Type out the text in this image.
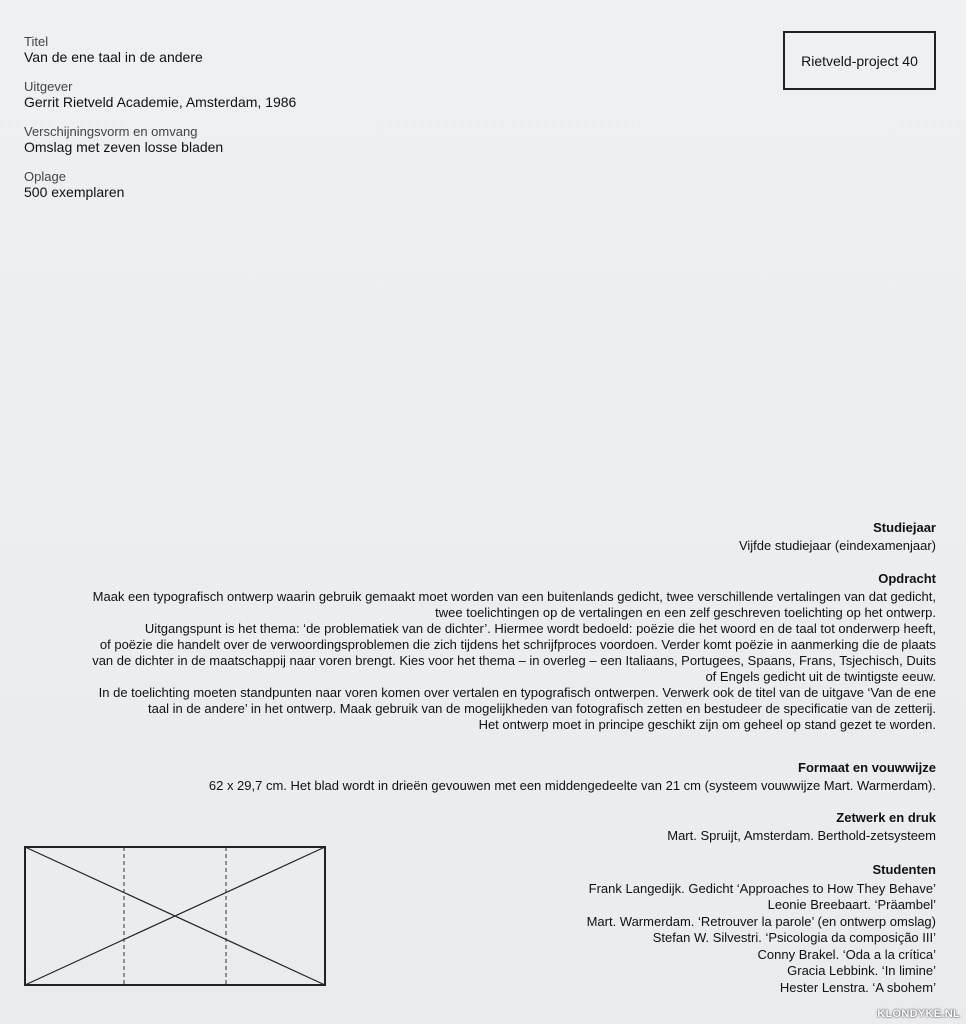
Titel
Van de ene taal in de andere
Uitgever
Gerrit Rietveld Academie, Amsterdam, 1986
Verschijningsvorm en omvang
Omslag met zeven losse bladen
Oplage
500 exemplaren
Rietveld-project 40
Studiejaar
Vijfde studiejaar (eindexamenjaar)
Opdracht
Maak een typografisch ontwerp waarin gebruik gemaakt moet worden van een buitenlands gedicht, twee verschillende vertalingen van dat gedicht,
twee toelichtingen op de vertalingen en een zelf geschreven toelichting op het ontwerp.
Uitgangspunt is het thema: ‘de problematiek van de dichter’. Hiermee wordt bedoeld: poëzie die het woord en de taal tot onderwerp heeft,
of poëzie die handelt over de verwoordingsproblemen die zich tijdens het schrijfproces voordoen. Verder komt poëzie in aanmerking die de plaats
van de dichter in de maatschappij naar voren brengt. Kies voor het thema – in overleg – een Italiaans, Portugees, Spaans, Frans, Tsjechisch, Duits
of Engels gedicht uit de twintigste eeuw.
In de toelichting moeten standpunten naar voren komen over vertalen en typografisch ontwerpen. Verwerk ook de titel van de uitgave ‘Van de ene
taal in de andere’ in het ontwerp. Maak gebruik van de mogelijkheden van fotografisch zetten en bestudeer de specificatie van de zetterij.
Het ontwerp moet in principe geschikt zijn om geheel op stand gezet te worden.
Formaat en vouwwijze
62 x 29,7 cm. Het blad wordt in drieën gevouwen met een middengedeelte van 21 cm (systeem vouwwijze Mart. Warmerdam).
Zetwerk en druk
Mart. Spruijt, Amsterdam. Berthold-zetsysteem
Studenten
Frank Langedijk. Gedicht ‘Approaches to How They Behave’
Leonie Breebaart. ‘Präambel’
Mart. Warmerdam. ‘Retrouver la parole’ (en ontwerp omslag)
Stefan W. Silvestri. ‘Psicologia da composição III’
Conny Brakel. ‘Oda a la crítica’
Gracia Lebbink. ‘In limine’
Hester Lenstra. ‘A sbohem’
KLONDYKE.NL
